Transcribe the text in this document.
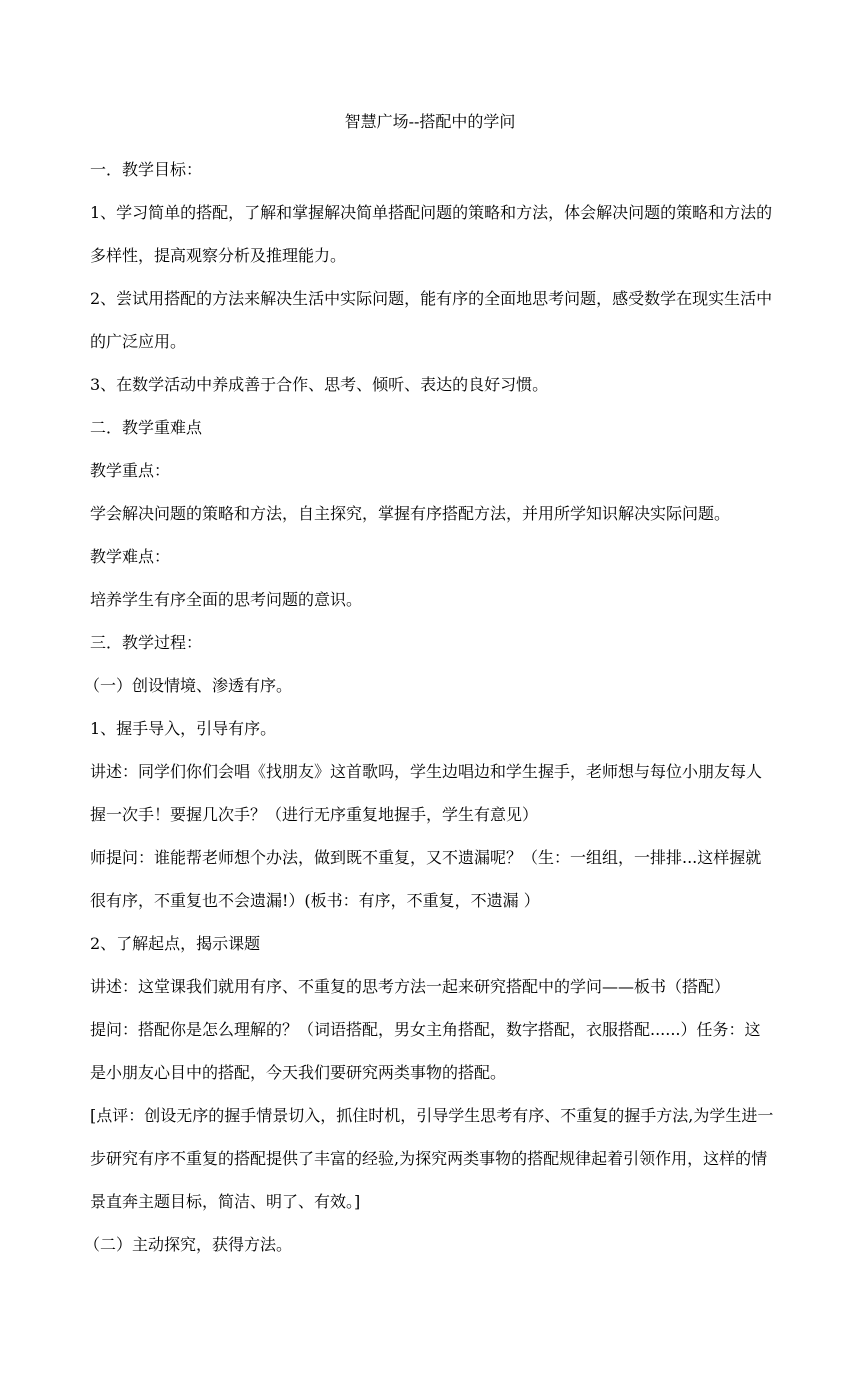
智慧广场--搭配中的学问

一．教学目标：

1、学习简单的搭配，了解和掌握解决简单搭配问题的策略和方法，体会解决问题的策略和方法的多样性，提高观察分析及推理能力。

2、尝试用搭配的方法来解决生活中实际问题，能有序的全面地思考问题，感受数学在现实生活中的广泛应用。

3、在数学活动中养成善于合作、思考、倾听、表达的良好习惯。

二．教学重难点

教学重点：

学会解决问题的策略和方法，自主探究，掌握有序搭配方法，并用所学知识解决实际问题。

教学难点：

培养学生有序全面的思考问题的意识。

三．教学过程：

（一）创设情境、渗透有序。

1、握手导入，引导有序。

讲述：同学们你们会唱《找朋友》这首歌吗，学生边唱边和学生握手，老师想与每位小朋友每人握一次手！要握几次手？（进行无序重复地握手，学生有意见）

师提问：谁能帮老师想个办法，做到既不重复，又不遗漏呢？（生：一组组，一排排...这样握就很有序，不重复也不会遗漏!）(板书：有序，不重复，不遗漏 ）

2、了解起点，揭示课题

讲述：这堂课我们就用有序、不重复的思考方法一起来研究搭配中的学问——板书（搭配）

提问：搭配你是怎么理解的？（词语搭配，男女主角搭配，数字搭配，衣服搭配......）任务：这是小朋友心目中的搭配，今天我们要研究两类事物的搭配。

[点评：创设无序的握手情景切入，抓住时机，引导学生思考有序、不重复的握手方法,为学生进一步研究有序不重复的搭配提供了丰富的经验,为探究两类事物的搭配规律起着引领作用，这样的情景直奔主题目标，简洁、明了、有效。]

（二）主动探究，获得方法。
